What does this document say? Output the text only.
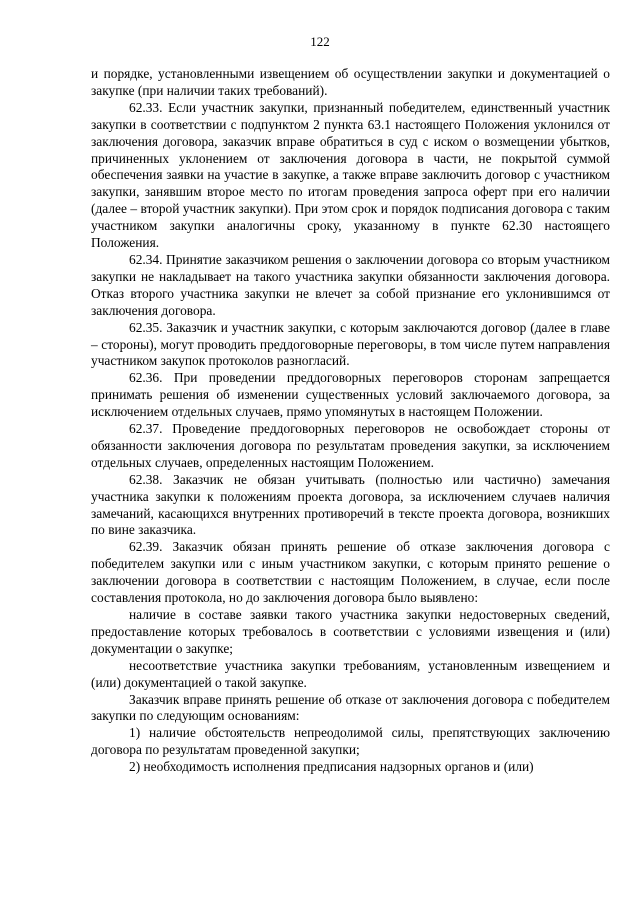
122

и порядке, установленными извещением об осуществлении закупки и документацией о закупке (при наличии таких требований).

62.33. Если участник закупки, признанный победителем, единственный участник закупки в соответствии с подпунктом 2 пункта 63.1 настоящего Положения уклонился от заключения договора, заказчик вправе обратиться в суд с иском о возмещении убытков, причиненных уклонением от заключения договора в части, не покрытой суммой обеспечения заявки на участие в закупке, а также вправе заключить договор с участником закупки, занявшим второе место по итогам проведения запроса оферт при его наличии (далее – второй участник закупки). При этом срок и порядок подписания договора с таким участником закупки аналогичны сроку, указанному в пункте 62.30 настоящего Положения.

62.34. Принятие заказчиком решения о заключении договора со вторым участником закупки не накладывает на такого участника закупки обязанности заключения договора. Отказ второго участника закупки не влечет за собой признание его уклонившимся от заключения договора.

62.35. Заказчик и участник закупки, с которым заключаются договор (далее в главе – стороны), могут проводить преддоговорные переговоры, в том числе путем направления участником закупок протоколов разногласий.

62.36. При проведении преддоговорных переговоров сторонам запрещается принимать решения об изменении существенных условий заключаемого договора, за исключением отдельных случаев, прямо упомянутых в настоящем Положении.

62.37. Проведение преддоговорных переговоров не освобождает стороны от обязанности заключения договора по результатам проведения закупки, за исключением отдельных случаев, определенных настоящим Положением.

62.38. Заказчик не обязан учитывать (полностью или частично) замечания участника закупки к положениям проекта договора, за исключением случаев наличия замечаний, касающихся внутренних противоречий в тексте проекта договора, возникших по вине заказчика.

62.39. Заказчик обязан принять решение об отказе заключения договора с победителем закупки или с иным участником закупки, с которым принято решение о заключении договора в соответствии с настоящим Положением, в случае, если после составления протокола, но до заключения договора было выявлено:

наличие в составе заявки такого участника закупки недостоверных сведений, предоставление которых требовалось в соответствии с условиями извещения и (или) документации о закупке;

несоответствие участника закупки требованиям, установленным извещением и (или) документацией о такой закупке.

Заказчик вправе принять решение об отказе от заключения договора с победителем закупки по следующим основаниям:

1) наличие обстоятельств непреодолимой силы, препятствующих заключению договора по результатам проведенной закупки;

2) необходимость исполнения предписания надзорных органов и (или)
